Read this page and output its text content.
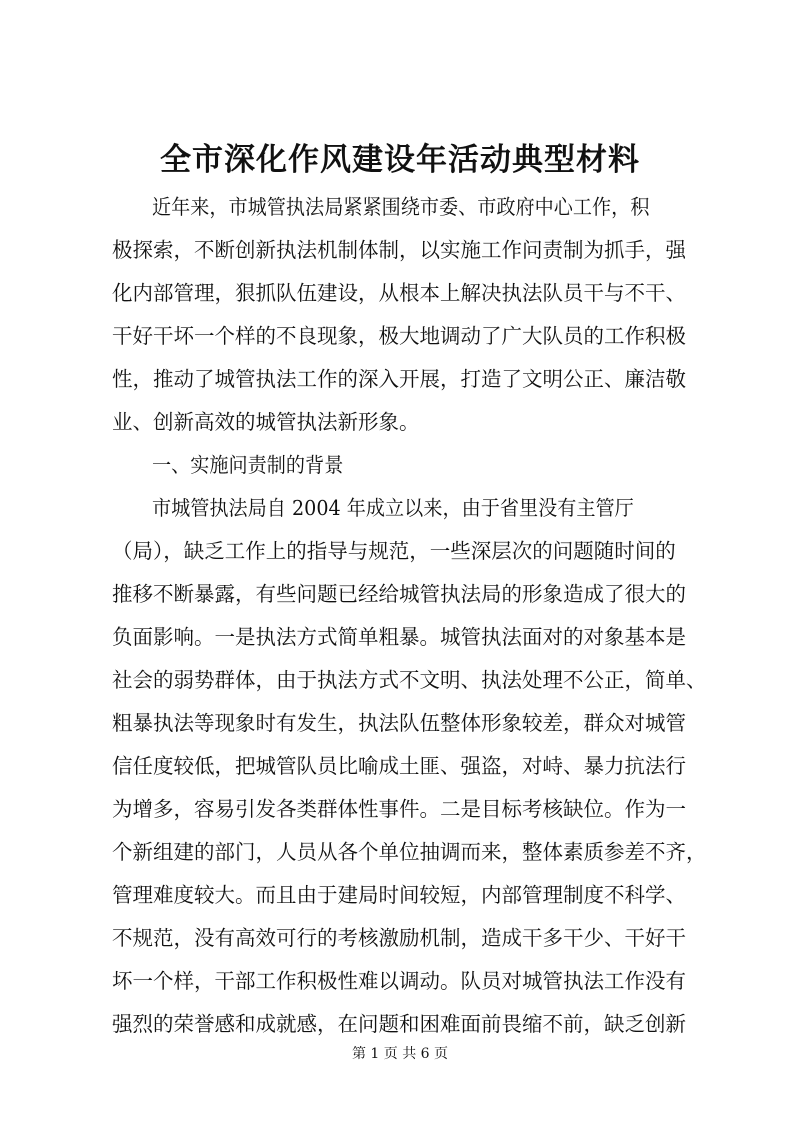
全市深化作风建设年活动典型材料
近年来，市城管执法局紧紧围绕市委、市政府中心工作，积
极探索，不断创新执法机制体制，以实施工作问责制为抓手，强
化内部管理，狠抓队伍建设，从根本上解决执法队员干与不干、
干好干坏一个样的不良现象，极大地调动了广大队员的工作积极
性，推动了城管执法工作的深入开展，打造了文明公正、廉洁敬
业、创新高效的城管执法新形象。
一、实施问责制的背景
市城管执法局自 2004 年成立以来，由于省里没有主管厅
（局），缺乏工作上的指导与规范，一些深层次的问题随时间的
推移不断暴露，有些问题已经给城管执法局的形象造成了很大的
负面影响。一是执法方式简单粗暴。城管执法面对的对象基本是
社会的弱势群体，由于执法方式不文明、执法处理不公正，简单、
粗暴执法等现象时有发生，执法队伍整体形象较差，群众对城管
信任度较低，把城管队员比喻成土匪、强盗，对峙、暴力抗法行
为增多，容易引发各类群体性事件。二是目标考核缺位。作为一
个新组建的部门，人员从各个单位抽调而来，整体素质参差不齐，
管理难度较大。而且由于建局时间较短，内部管理制度不科学、
不规范，没有高效可行的考核激励机制，造成干多干少、干好干
坏一个样，干部工作积极性难以调动。队员对城管执法工作没有
强烈的荣誉感和成就感，在问题和困难面前畏缩不前，缺乏创新
第 1 页 共 6 页
